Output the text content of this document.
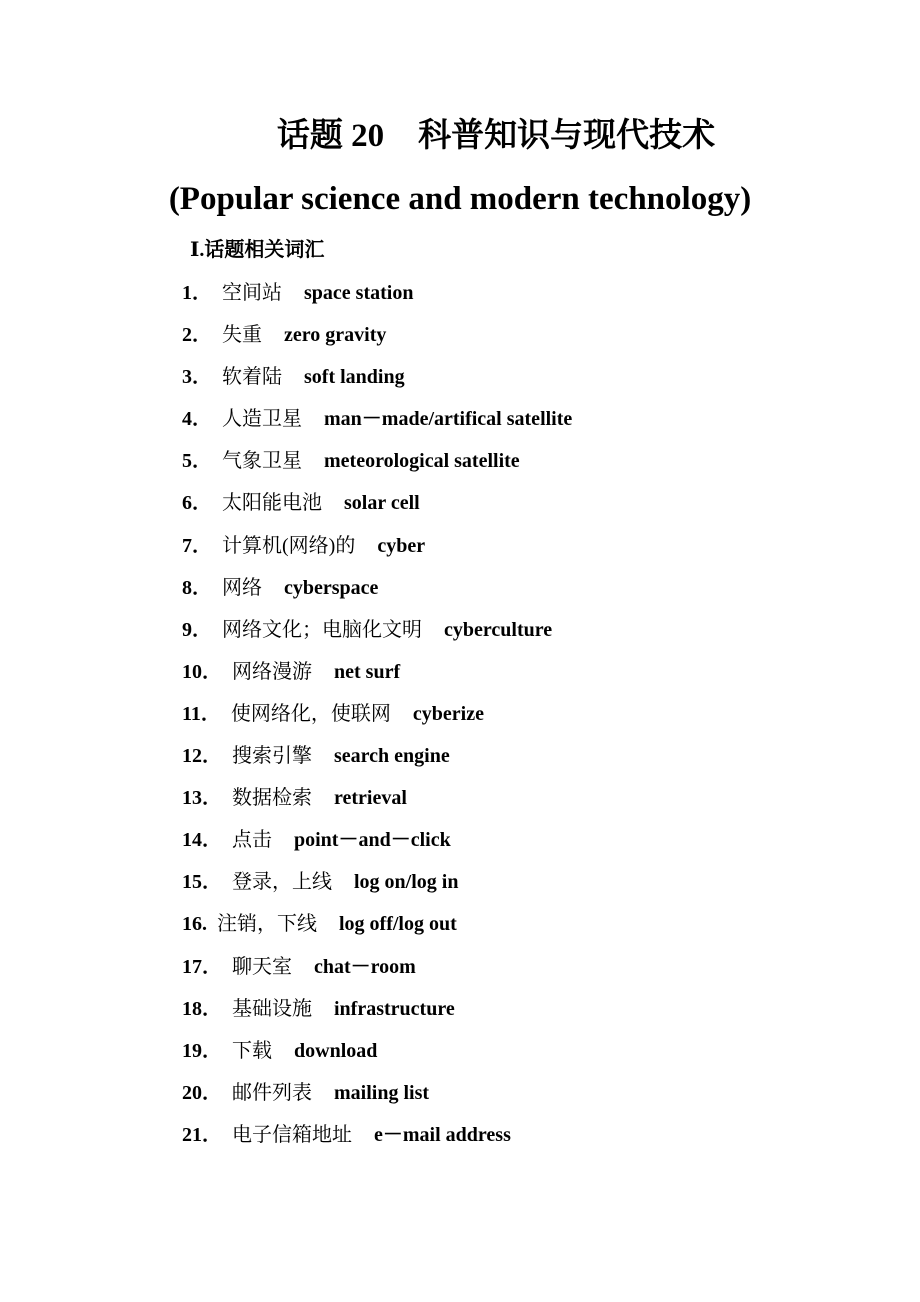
话题 20 科普知识与现代技术
(Popular science and modern technology)
Ⅰ.话题相关词汇
1． 空间站 space station
2． 失重 zero gravity
3． 软着陆 soft landing
4． 人造卫星 man－made/artifical satellite
5． 气象卫星 meteorological satellite
6． 太阳能电池 solar cell
7． 计算机(网络)的 cyber
8． 网络 cyberspace
9． 网络文化；电脑化文明 cyberculture
10． 网络漫游 net surf
11． 使网络化，使联网 cyberize
12． 搜索引擎 search engine
13． 数据检索 retrieval
14． 点击 point－and－click
15． 登录，上线 log on/log in
16. 注销，下线 log off/log out
17． 聊天室 chat－room
18． 基础设施 infrastructure
19． 下载 download
20． 邮件列表 mailing list
21． 电子信箱地址 e－mail address
